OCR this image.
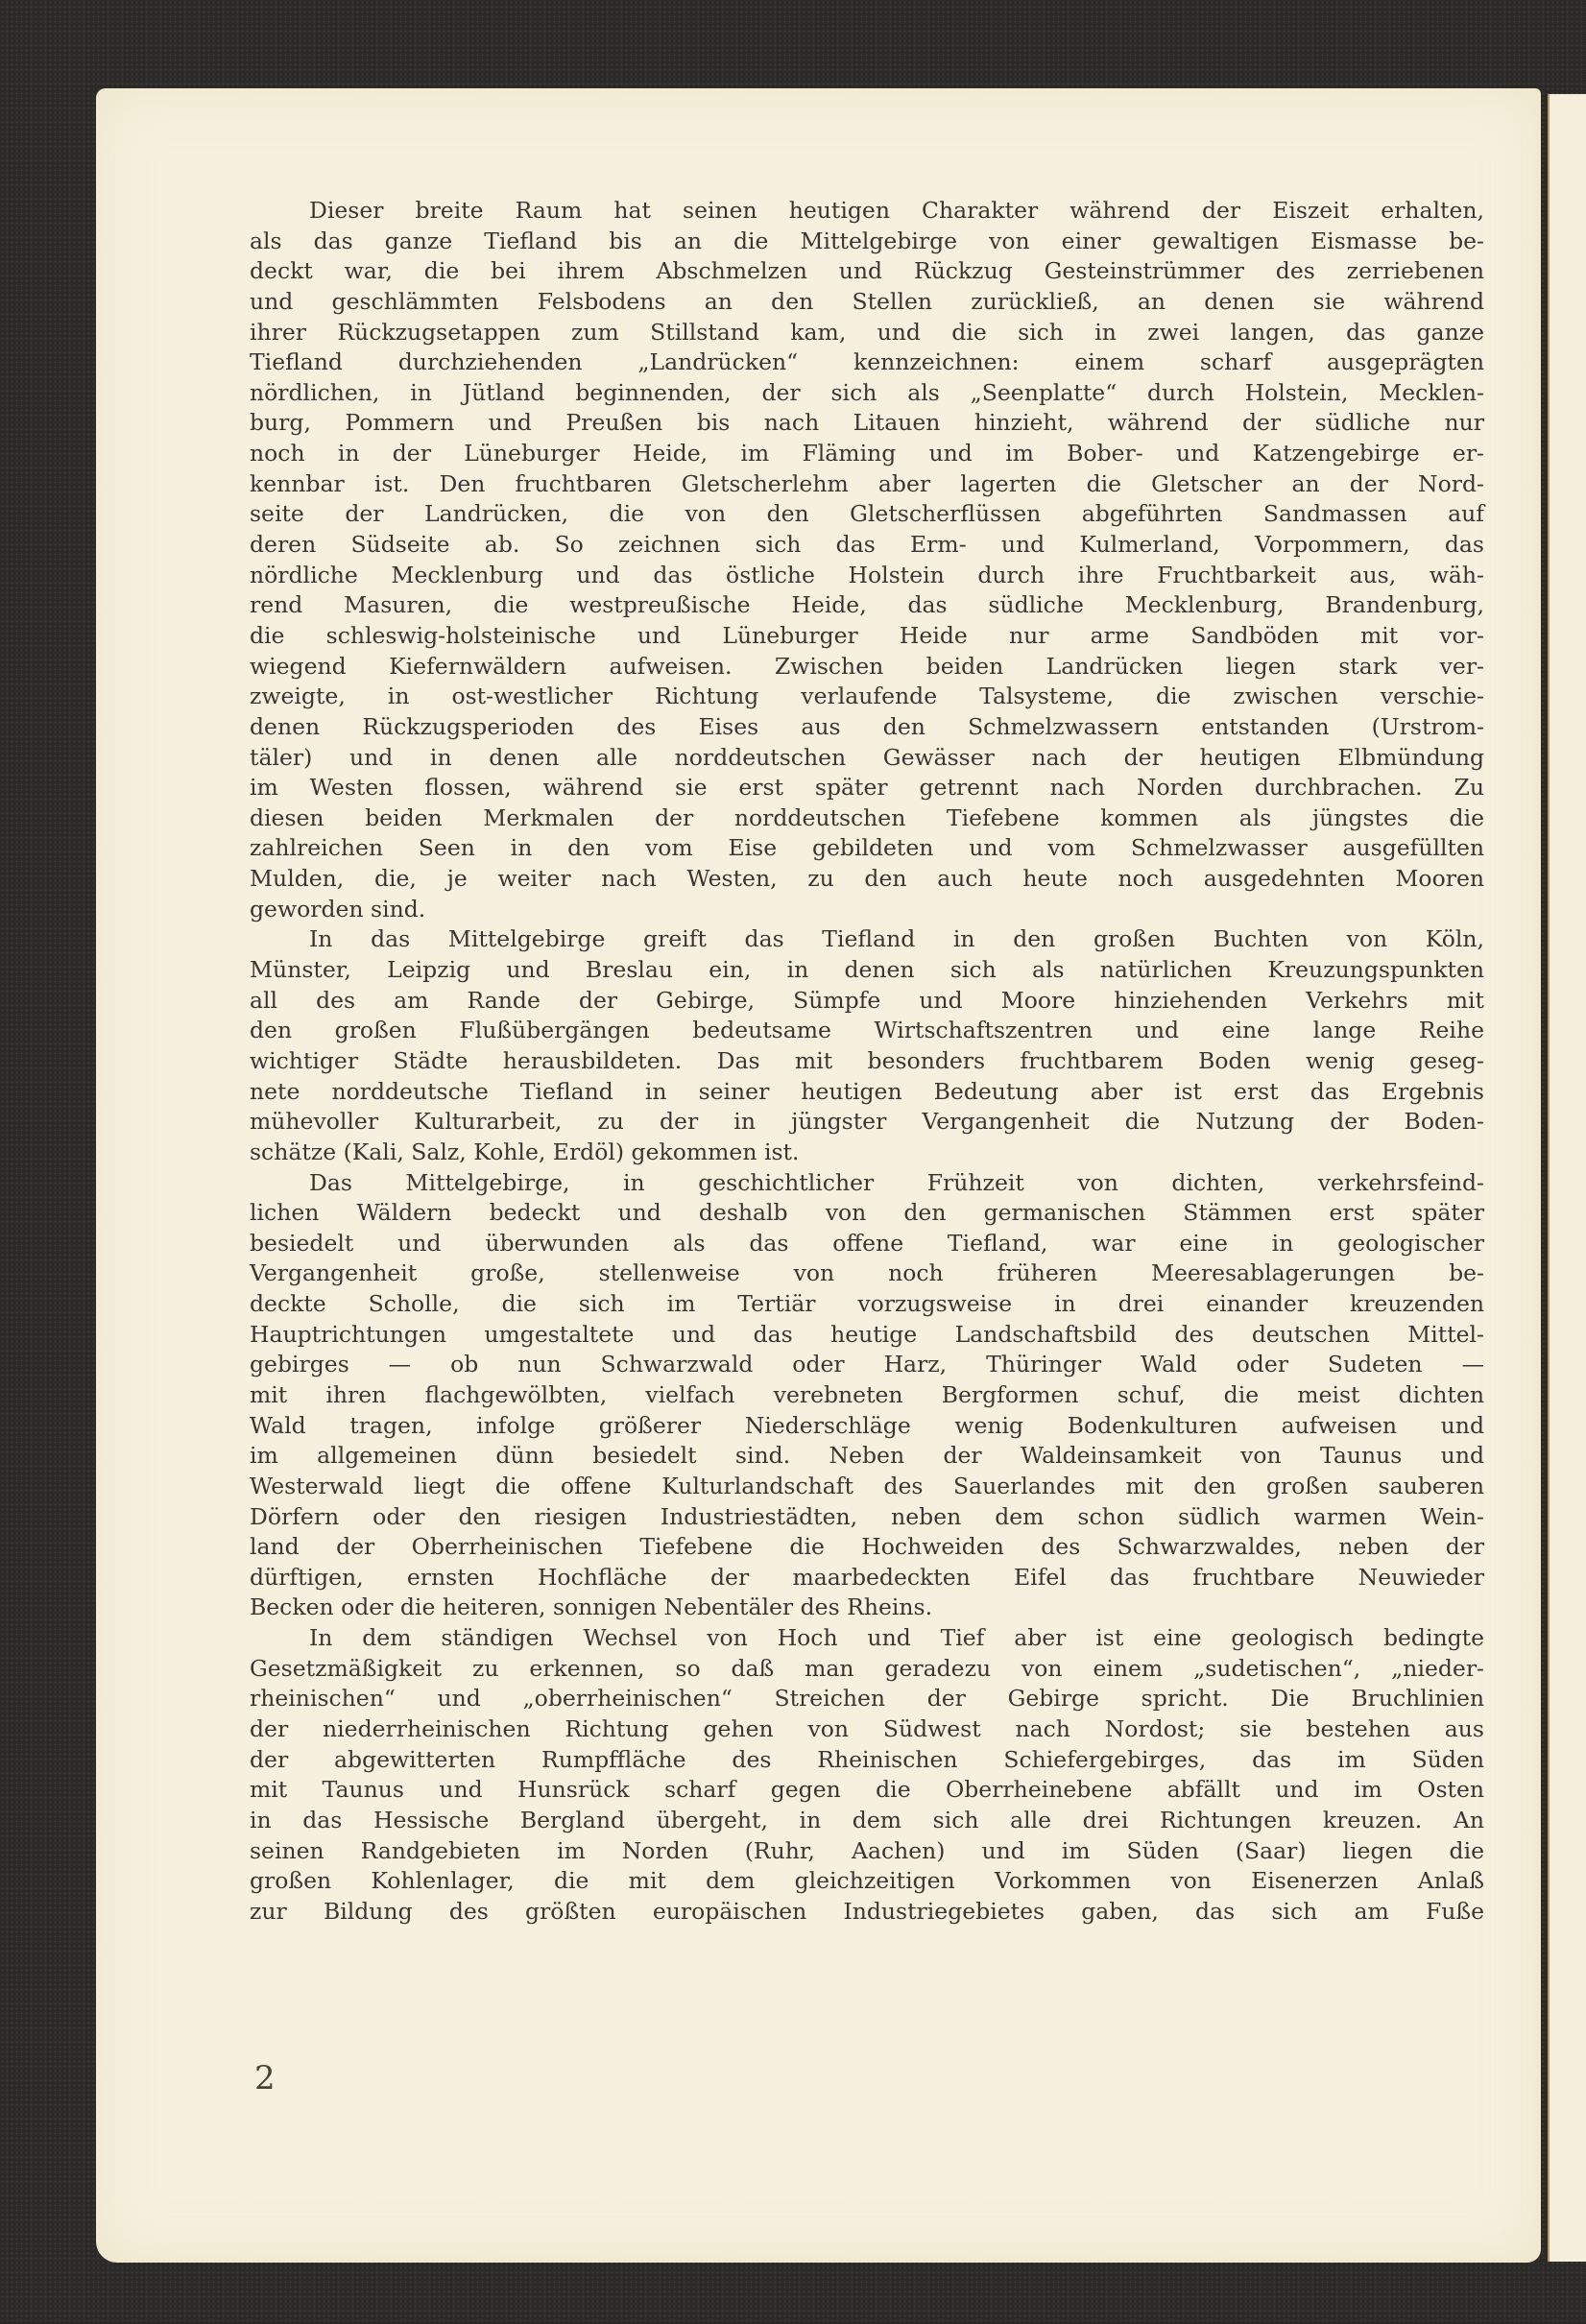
Dieser breite Raum hat seinen heutigen Charakter während der Eiszeit erhalten,
als das ganze Tiefland bis an die Mittelgebirge von einer gewaltigen Eismasse be-
deckt war, die bei ihrem Abschmelzen und Rückzug Gesteinstrümmer des zerriebenen
und geschlämmten Felsbodens an den Stellen zurückließ, an denen sie während
ihrer Rückzugsetappen zum Stillstand kam, und die sich in zwei langen, das ganze
Tiefland durchziehenden „Landrücken“ kennzeichnen: einem scharf ausgeprägten
nördlichen, in Jütland beginnenden, der sich als „Seenplatte“ durch Holstein, Mecklen-
burg, Pommern und Preußen bis nach Litauen hinzieht, während der südliche nur
noch in der Lüneburger Heide, im Fläming und im Bober- und Katzengebirge er-
kennbar ist. Den fruchtbaren Gletscherlehm aber lagerten die Gletscher an der Nord-
seite der Landrücken, die von den Gletscherflüssen abgeführten Sandmassen auf
deren Südseite ab. So zeichnen sich das Erm- und Kulmerland, Vorpommern, das
nördliche Mecklenburg und das östliche Holstein durch ihre Fruchtbarkeit aus, wäh-
rend Masuren, die westpreußische Heide, das südliche Mecklenburg, Brandenburg,
die schleswig-holsteinische und Lüneburger Heide nur arme Sandböden mit vor-
wiegend Kiefernwäldern aufweisen. Zwischen beiden Landrücken liegen stark ver-
zweigte, in ost-westlicher Richtung verlaufende Talsysteme, die zwischen verschie-
denen Rückzugsperioden des Eises aus den Schmelzwassern entstanden (Urstrom-
täler) und in denen alle norddeutschen Gewässer nach der heutigen Elbmündung
im Westen flossen, während sie erst später getrennt nach Norden durchbrachen. Zu
diesen beiden Merkmalen der norddeutschen Tiefebene kommen als jüngstes die
zahlreichen Seen in den vom Eise gebildeten und vom Schmelzwasser ausgefüllten
Mulden, die, je weiter nach Westen, zu den auch heute noch ausgedehnten Mooren
geworden sind.
In das Mittelgebirge greift das Tiefland in den großen Buchten von Köln,
Münster, Leipzig und Breslau ein, in denen sich als natürlichen Kreuzungspunkten
all des am Rande der Gebirge, Sümpfe und Moore hinziehenden Verkehrs mit
den großen Flußübergängen bedeutsame Wirtschaftszentren und eine lange Reihe
wichtiger Städte herausbildeten. Das mit besonders fruchtbarem Boden wenig geseg-
nete norddeutsche Tiefland in seiner heutigen Bedeutung aber ist erst das Ergebnis
mühevoller Kulturarbeit, zu der in jüngster Vergangenheit die Nutzung der Boden-
schätze (Kali, Salz, Kohle, Erdöl) gekommen ist.
Das Mittelgebirge, in geschichtlicher Frühzeit von dichten, verkehrsfeind-
lichen Wäldern bedeckt und deshalb von den germanischen Stämmen erst später
besiedelt und überwunden als das offene Tiefland, war eine in geologischer
Vergangenheit große, stellenweise von noch früheren Meeresablagerungen be-
deckte Scholle, die sich im Tertiär vorzugsweise in drei einander kreuzenden
Hauptrichtungen umgestaltete und das heutige Landschaftsbild des deutschen Mittel-
gebirges — ob nun Schwarzwald oder Harz, Thüringer Wald oder Sudeten —
mit ihren flachgewölbten, vielfach verebneten Bergformen schuf, die meist dichten
Wald tragen, infolge größerer Niederschläge wenig Bodenkulturen aufweisen und
im allgemeinen dünn besiedelt sind. Neben der Waldeinsamkeit von Taunus und
Westerwald liegt die offene Kulturlandschaft des Sauerlandes mit den großen sauberen
Dörfern oder den riesigen Industriestädten, neben dem schon südlich warmen Wein-
land der Oberrheinischen Tiefebene die Hochweiden des Schwarzwaldes, neben der
dürftigen, ernsten Hochfläche der maarbedeckten Eifel das fruchtbare Neuwieder
Becken oder die heiteren, sonnigen Nebentäler des Rheins.
In dem ständigen Wechsel von Hoch und Tief aber ist eine geologisch bedingte
Gesetzmäßigkeit zu erkennen, so daß man geradezu von einem „sudetischen“, „nieder-
rheinischen“ und „oberrheinischen“ Streichen der Gebirge spricht. Die Bruchlinien
der niederrheinischen Richtung gehen von Südwest nach Nordost; sie bestehen aus
der abgewitterten Rumpffläche des Rheinischen Schiefergebirges, das im Süden
mit Taunus und Hunsrück scharf gegen die Oberrheinebene abfällt und im Osten
in das Hessische Bergland übergeht, in dem sich alle drei Richtungen kreuzen. An
seinen Randgebieten im Norden (Ruhr, Aachen) und im Süden (Saar) liegen die
großen Kohlenlager, die mit dem gleichzeitigen Vorkommen von Eisenerzen Anlaß
zur Bildung des größten europäischen Industriegebietes gaben, das sich am Fuße
2
